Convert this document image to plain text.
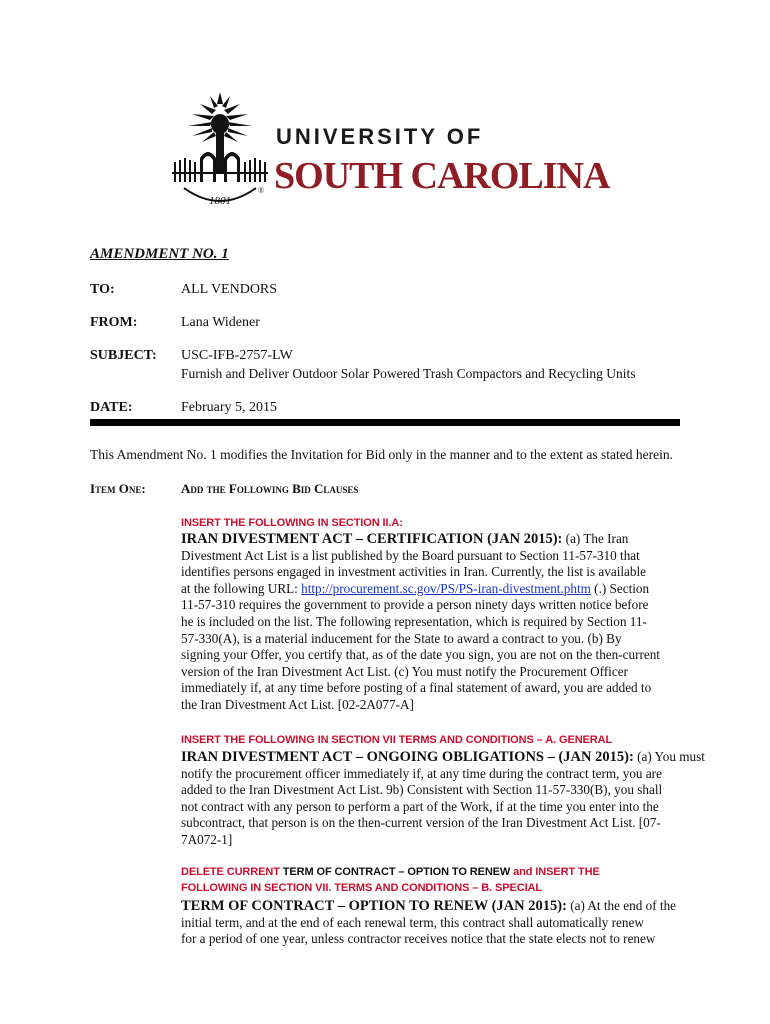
1801
UNIVERSITY OF
SOUTH CAROLINA
®
AMENDMENT NO. 1
TO:	ALL VENDORS
FROM:	Lana Widener
SUBJECT: USC-IFB-2757-LW
Furnish and Deliver Outdoor Solar Powered Trash Compactors and Recycling Units
DATE:	February 5, 2015
This Amendment No. 1 modifies the Invitation for Bid only in the manner and to the extent as stated herein.
Item One:	Add the Following Bid Clauses
INSERT THE FOLLOWING IN SECTION II.A:
IRAN DIVESTMENT ACT – CERTIFICATION (JAN 2015): (a) The Iran
Divestment Act List is a list published by the Board pursuant to Section 11-57-310 that
identifies persons engaged in investment activities in Iran. Currently, the list is available
at the following URL: http://procurement.sc.gov/PS/PS-iran-divestment.phtm (.) Section
11-57-310 requires the government to provide a person ninety days written notice before
he is included on the list. The following representation, which is required by Section 11-
57-330(A), is a material inducement for the State to award a contract to you. (b) By
signing your Offer, you certify that, as of the date you sign, you are not on the then-current
version of the Iran Divestment Act List. (c) You must notify the Procurement Officer
immediately if, at any time before posting of a final statement of award, you are added to
the Iran Divestment Act List. [02-2A077-A]
INSERT THE FOLLOWING IN SECTION VII TERMS AND CONDITIONS – A. GENERAL
IRAN DIVESTMENT ACT – ONGOING OBLIGATIONS – (JAN 2015): (a) You must
notify the procurement officer immediately if, at any time during the contract term, you are
added to the Iran Divestment Act List. 9b) Consistent with Section 11-57-330(B), you shall
not contract with any person to perform a part of the Work, if at the time you enter into the
subcontract, that person is on the then-current version of the Iran Divestment Act List. [07-
7A072-1]
DELETE CURRENT TERM OF CONTRACT – OPTION TO RENEW and INSERT THE
FOLLOWING IN SECTION VII. TERMS AND CONDITIONS – B. SPECIAL
TERM OF CONTRACT – OPTION TO RENEW (JAN 2015): (a) At the end of the
initial term, and at the end of each renewal term, this contract shall automatically renew
for a period of one year, unless contractor receives notice that the state elects not to renew
